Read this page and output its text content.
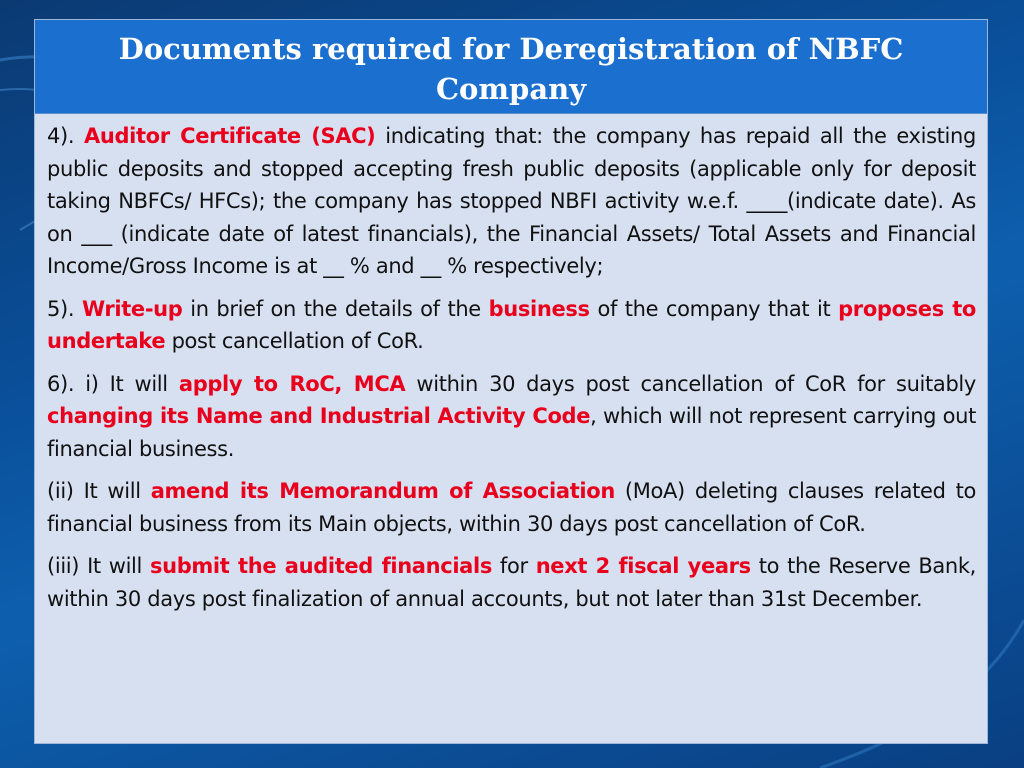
Documents required for Deregistration of NBFC Company

4). Auditor Certificate (SAC) indicating that: the company has repaid all the existing public deposits and stopped accepting fresh public deposits (applicable only for deposit taking NBFCs/ HFCs); the company has stopped NBFI activity w.e.f. ____(indicate date). As on ___ (indicate date of latest financials), the Financial Assets/ Total Assets and Financial Income/Gross Income is at __ % and __ % respectively;

5). Write-up in brief on the details of the business of the company that it proposes to undertake post cancellation of CoR.

6). i) It will apply to RoC, MCA within 30 days post cancellation of CoR for suitably changing its Name and Industrial Activity Code, which will not represent carrying out financial business.

(ii) It will amend its Memorandum of Association (MoA) deleting clauses related to financial business from its Main objects, within 30 days post cancellation of CoR.

(iii) It will submit the audited financials for next 2 fiscal years to the Reserve Bank, within 30 days post finalization of annual accounts, but not later than 31st December.
